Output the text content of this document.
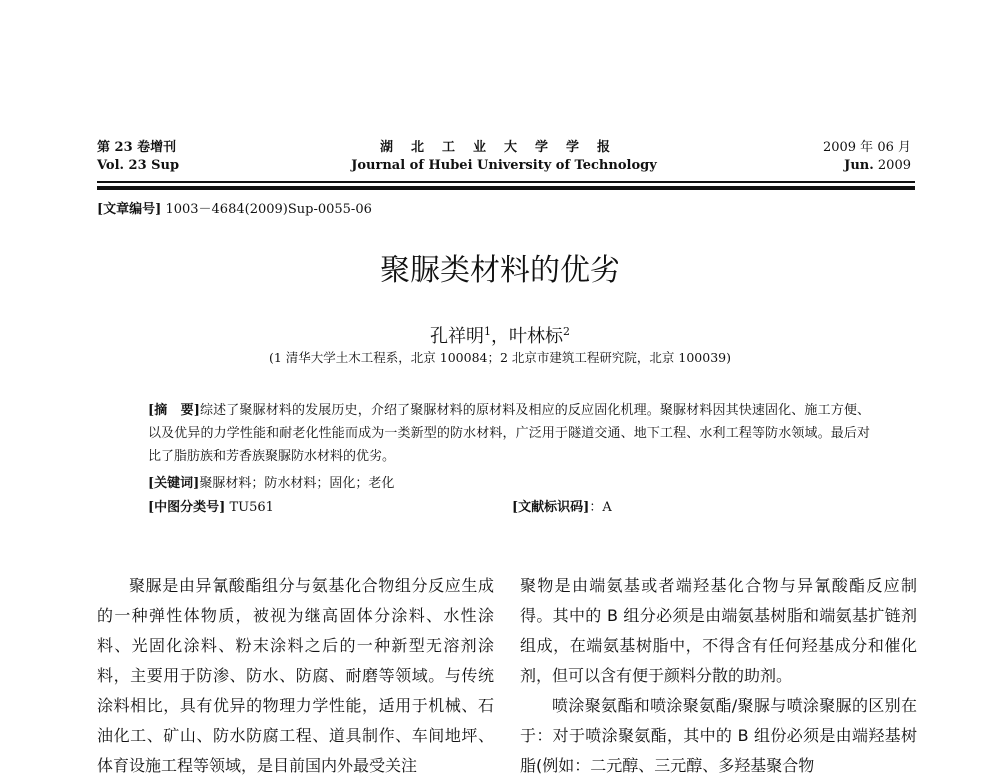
第 23 卷增刊
Vol. 23 Sup
湖北工业大学学报
Journal of Hubei University of Technology
2009 年 06 月
Jun. 2009
[文章编号] 1003－4684(2009)Sup-0055-06
聚脲类材料的优劣
孔祥明$^1$，叶林标$^2$
(1 清华大学土木工程系，北京 100084；2 北京市建筑工程研究院，北京 100039)
[摘　要]综述了聚脲材料的发展历史，介绍了聚脲材料的原材料及相应的反应固化机理。聚脲材料因其快速固化、施工方便、以及优异的力学性能和耐老化性能而成为一类新型的防水材料，广泛用于隧道交通、地下工程、水利工程等防水领域。最后对比了脂肪族和芳香族聚脲防水材料的优劣。
[关键词]聚脲材料；防水材料；固化；老化
[中图分类号] TU561	[文献标识码]：A

聚脲是由异氰酸酯组分与氨基化合物组分反应生成的一种弹性体物质，被视为继高固体分涂料、水性涂料、光固化涂料、粉末涂料之后的一种新型无溶剂涂料，主要用于防渗、防水、防腐、耐磨等领域。与传统涂料相比，具有优异的物理力学性能，适用于机械、石油化工、矿山、防水防腐工程、道具制作、车间地坪、体育设施工程等领域，是目前国内外最受关注

聚物是由端氨基或者端羟基化合物与异氰酸酯反应制得。其中的 B 组分必须是由端氨基树脂和端氨基扩链剂组成，在端氨基树脂中，不得含有任何羟基成分和催化剂，但可以含有便于颜料分散的助剂。

喷涂聚氨酯和喷涂聚氨酯/聚脲与喷涂聚脲的区别在于：对于喷涂聚氨酯，其中的 B 组份必须是由端羟基树脂(例如：二元醇、三元醇、多羟基聚合物
